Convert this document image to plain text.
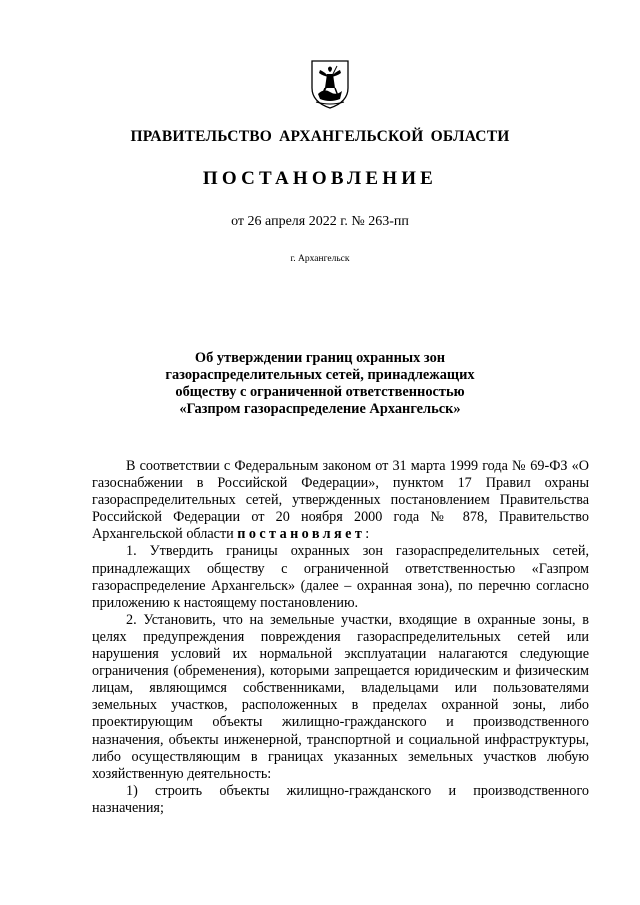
ПРАВИТЕЛЬСТВО АРХАНГЕЛЬСКОЙ ОБЛАСТИ
ПОСТАНОВЛЕНИЕ
от 26 апреля 2022 г. № 263-пп
г. Архангельск
Об утверждении границ охранных зон
газораспределительных сетей, принадлежащих
обществу с ограниченной ответственностью
«Газпром газораспределение Архангельск»

В соответствии с Федеральным законом от 31 марта 1999 года № 69-ФЗ «О газоснабжении в Российской Федерации», пунктом 17 Правил охраны газораспределительных сетей, утвержденных постановлением Правительства Российской Федерации от 20 ноября 2000 года № 878, Правительство Архангельской области постановляет:

1. Утвердить границы охранных зон газораспределительных сетей, принадлежащих обществу с ограниченной ответственностью «Газпром газораспределение Архангельск» (далее – охранная зона), по перечню согласно приложению к настоящему постановлению.

2. Установить, что на земельные участки, входящие в охранные зоны, в целях предупреждения повреждения газораспределительных сетей или нарушения условий их нормальной эксплуатации налагаются следующие ограничения (обременения), которыми запрещается юридическим и физическим лицам, являющимся собственниками, владельцами или пользователями земельных участков, расположенных в пределах охранной зоны, либо проектирующим объекты жилищно-гражданского и производственного назначения, объекты инженерной, транспортной и социальной инфраструктуры, либо осуществляющим в границах указанных земельных участков любую хозяйственную деятельность:

1) строить объекты жилищно-гражданского и производственного назначения;
